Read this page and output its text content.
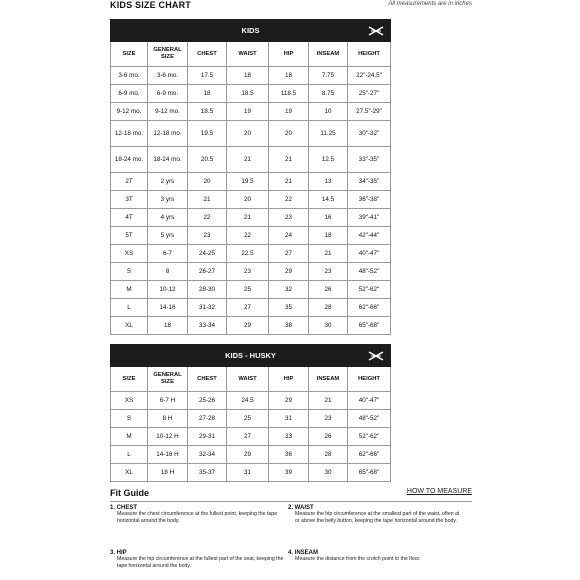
KIDS SIZE CHART	All measurements are in inches
KIDS						

SIZE	GENERAL SIZE	CHEST	WAIST	HIP	INSEAM	HEIGHT
3-6 mo.	3-6 mo.	17.5	18	18	7.75	22"-24.5"
6-9 mo.	6-9 mo.	18	18.5	118.5	8.75	25"-27"
9-12 mo.	9-12 mo.	18.5	19	19	10	27.5"-29"
12-18 mo.	12-18 mo.	19.5	20	20	11.25	30"-32"
18-24 mo.	18-24 mo.	20.5	21	21	12.5	33"-35"
2T	2 yrs	20	19.5	21	13	34"-35"
3T	3 yrs	21	20	22	14.5	36"-38"
4T	4 yrs	22	21	23	16	39"-41"
5T	5 yrs	23	22	24	18	42"-44"
XS	6-7	24-25	22.5	27	21	40"-47"
S	8	26-27	23	29	23	48"-52"
M	10-12	28-30	25	32	26	52"-62"
L	14-16	31-32	27	35	28	62"-66"
XL	18	33-34	29	38	30	65"-68"
KIDS - HUSKY						

SIZE	GENERAL SIZE	CHEST	WAIST	HIP	INSEAM	HEIGHT
XS	6-7 H	25-26	24.5	29	21	40"-47"
S	8 H	27-28	25	31	23	48"-52"
M	10-12 H	29-31	27	33	26	52"-62"
L	14-16 H	32-34	29	36	28	62"-66"
XL	18 H	35-37	31	39	30	65"-68"
Fit Guide	HOW TO MEASURE
1. CHEST
Measure the chest circumference at the fullest point, keeping the tape horizontal around the body.
2. WAIST
Measure the hip circumference at the smallest part of the waist, often at or above the belly button, keeping the tape horizontal around the body.
3. HIP
Measure the hip circumference at the fullest part of the seat, keeping the tape horizontal around the body.
4. INSEAM
Measure the distance from the crotch point to the floor.
